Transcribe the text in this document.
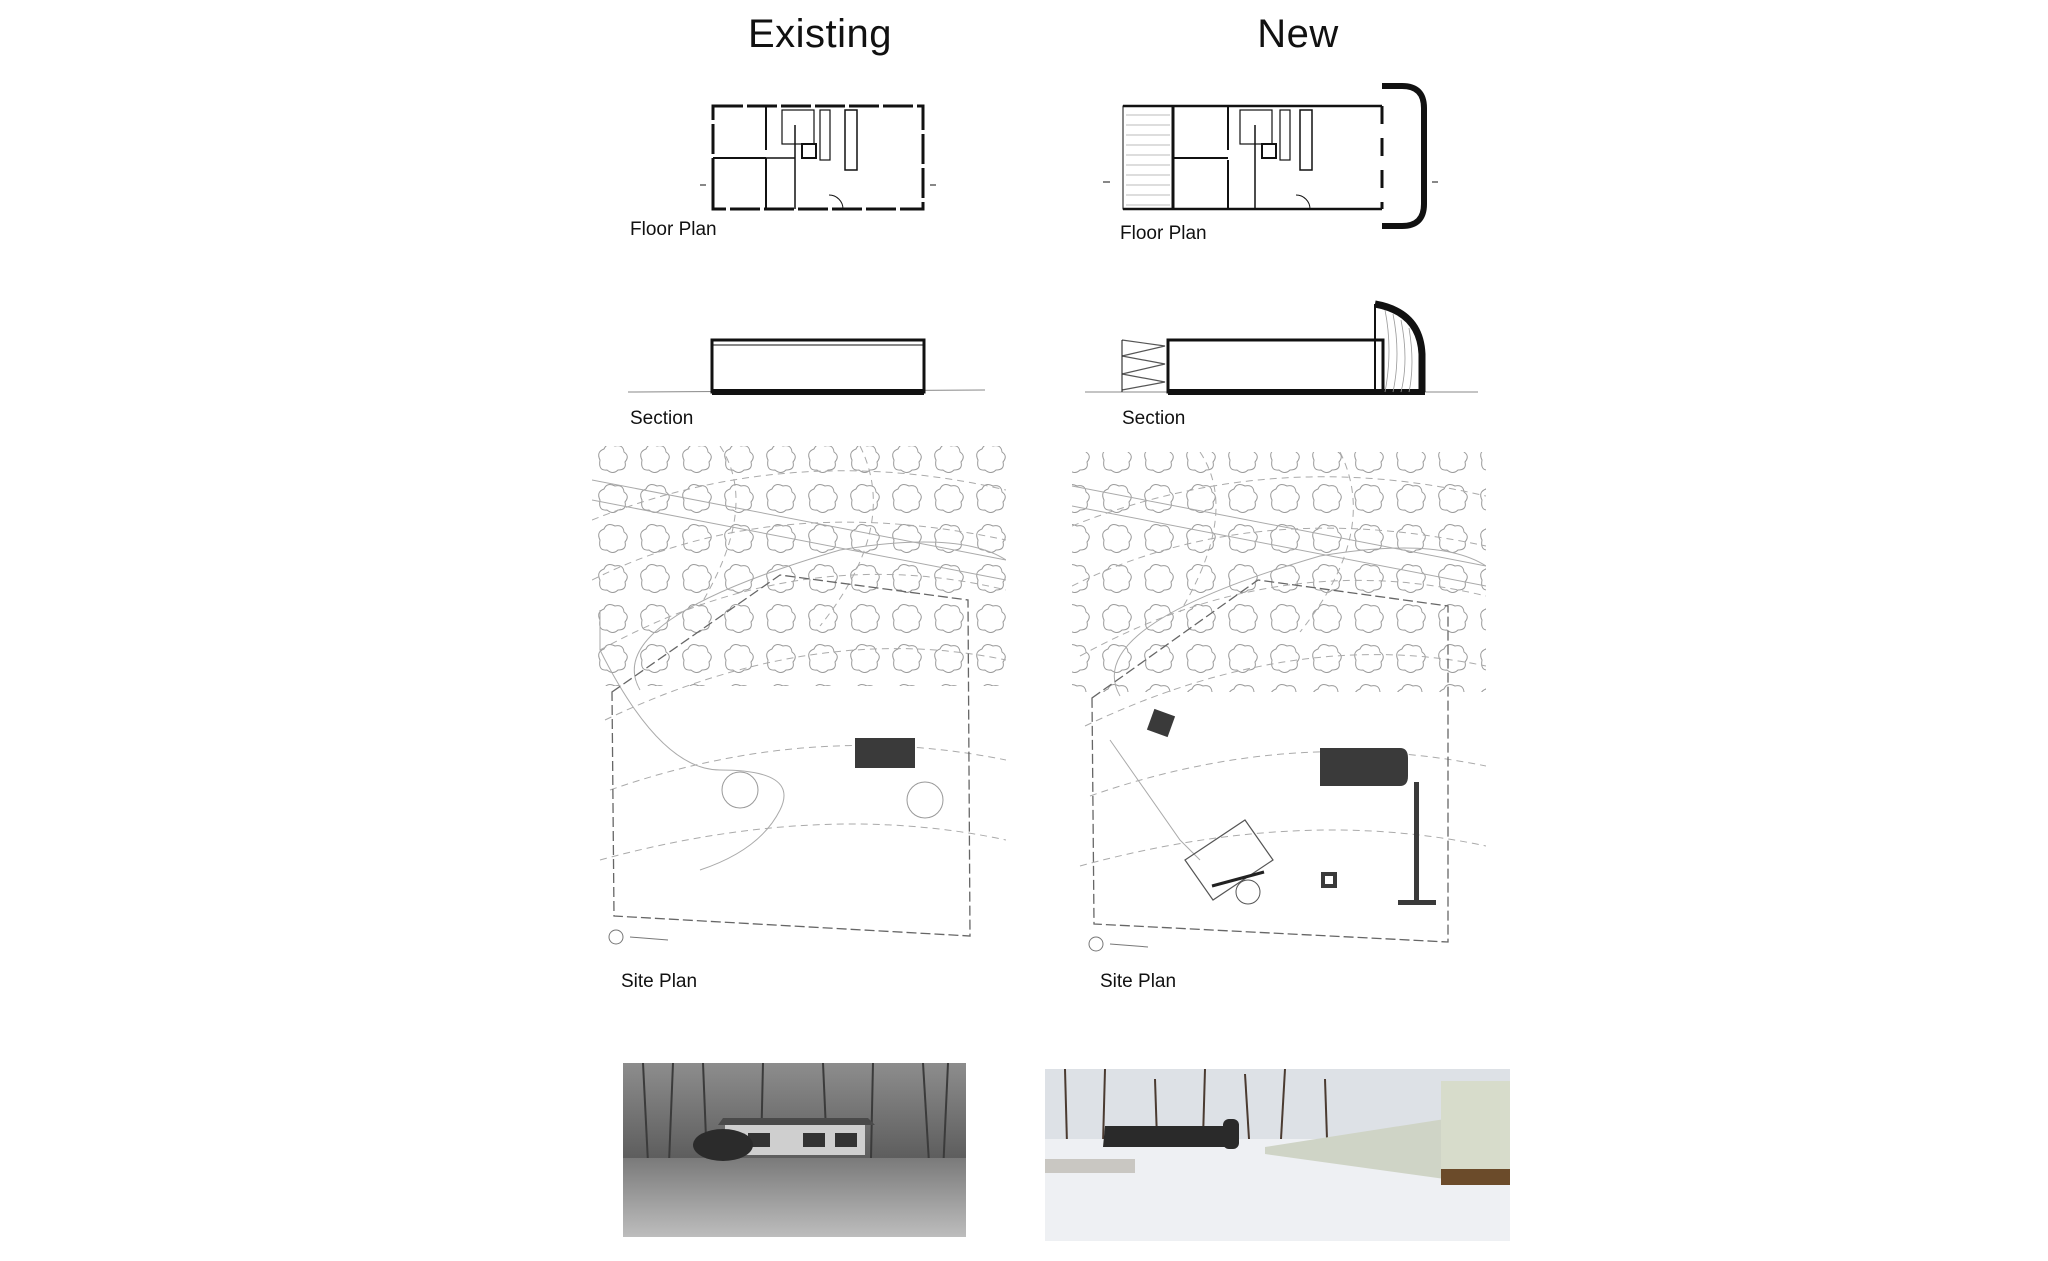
Existing	New
Floor Plan	Floor Plan
Section	Section
Site Plan	Site Plan
